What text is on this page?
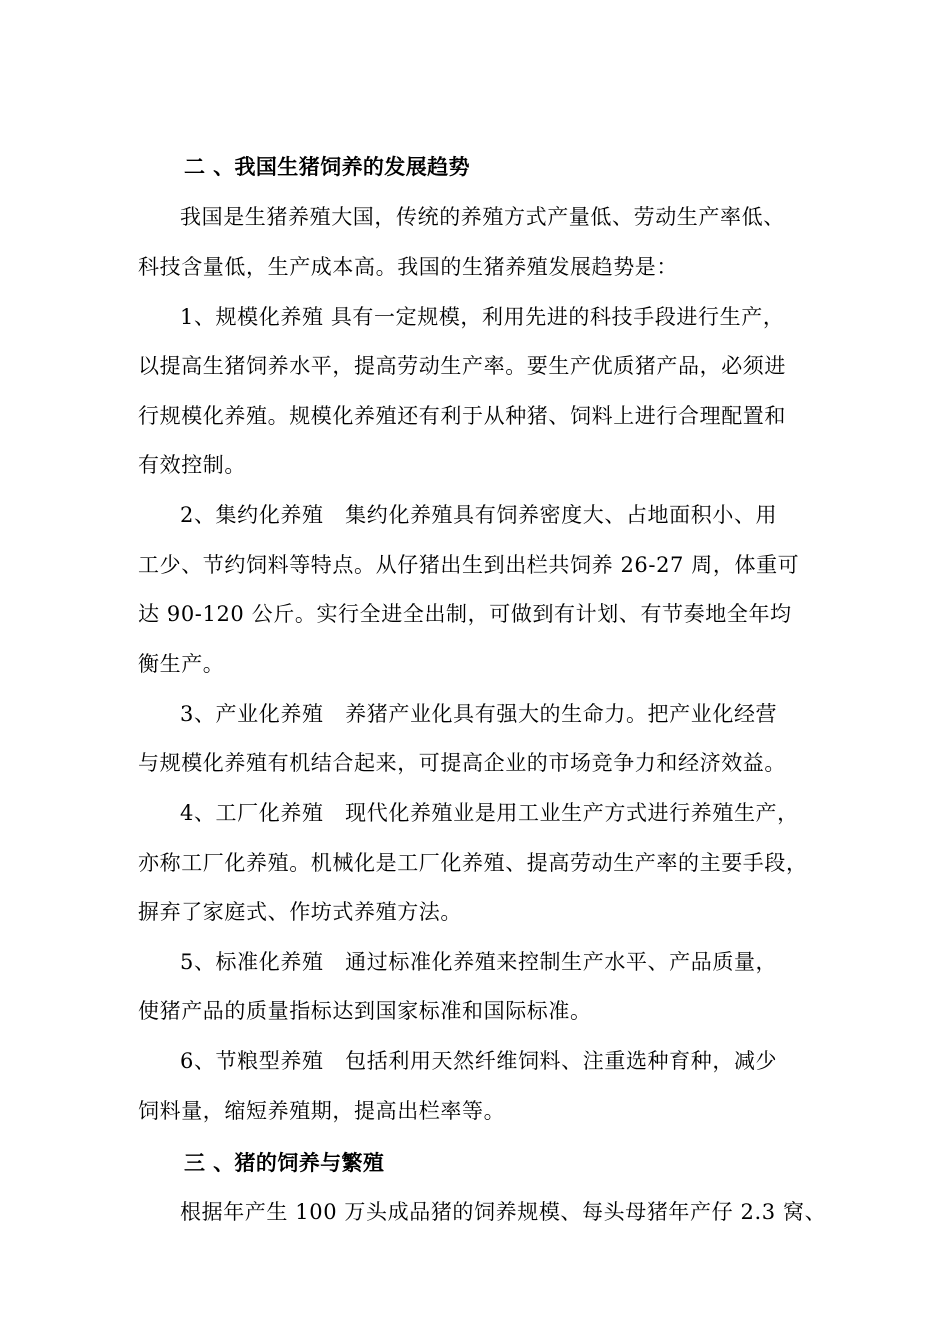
二 、我国生猪饲养的发展趋势
我国是生猪养殖大国，传统的养殖方式产量低、劳动生产率低、
科技含量低，生产成本高。我国的生猪养殖发展趋势是：
1、规模化养殖 具有一定规模，利用先进的科技手段进行生产，
以提高生猪饲养水平，提高劳动生产率。要生产优质猪产品，必须进
行规模化养殖。规模化养殖还有利于从种猪、饲料上进行合理配置和
有效控制。
2、集约化养殖　集约化养殖具有饲养密度大、占地面积小、用
工少、节约饲料等特点。从仔猪出生到出栏共饲养 26-27 周，体重可
达 90-120 公斤。实行全进全出制，可做到有计划、有节奏地全年均
衡生产。
3、产业化养殖　养猪产业化具有强大的生命力。把产业化经营
与规模化养殖有机结合起来，可提高企业的市场竞争力和经济效益。
4、工厂化养殖　现代化养殖业是用工业生产方式进行养殖生产，
亦称工厂化养殖。机械化是工厂化养殖、提高劳动生产率的主要手段，
摒弃了家庭式、作坊式养殖方法。
5、标准化养殖　通过标准化养殖来控制生产水平、产品质量，
使猪产品的质量指标达到国家标准和国际标准。
6、节粮型养殖　包括利用天然纤维饲料、注重选种育种，减少
饲料量，缩短养殖期，提高出栏率等。
三 、猪的饲养与繁殖
根据年产生 100 万头成品猪的饲养规模、每头母猪年产仔 2.3 窝、
